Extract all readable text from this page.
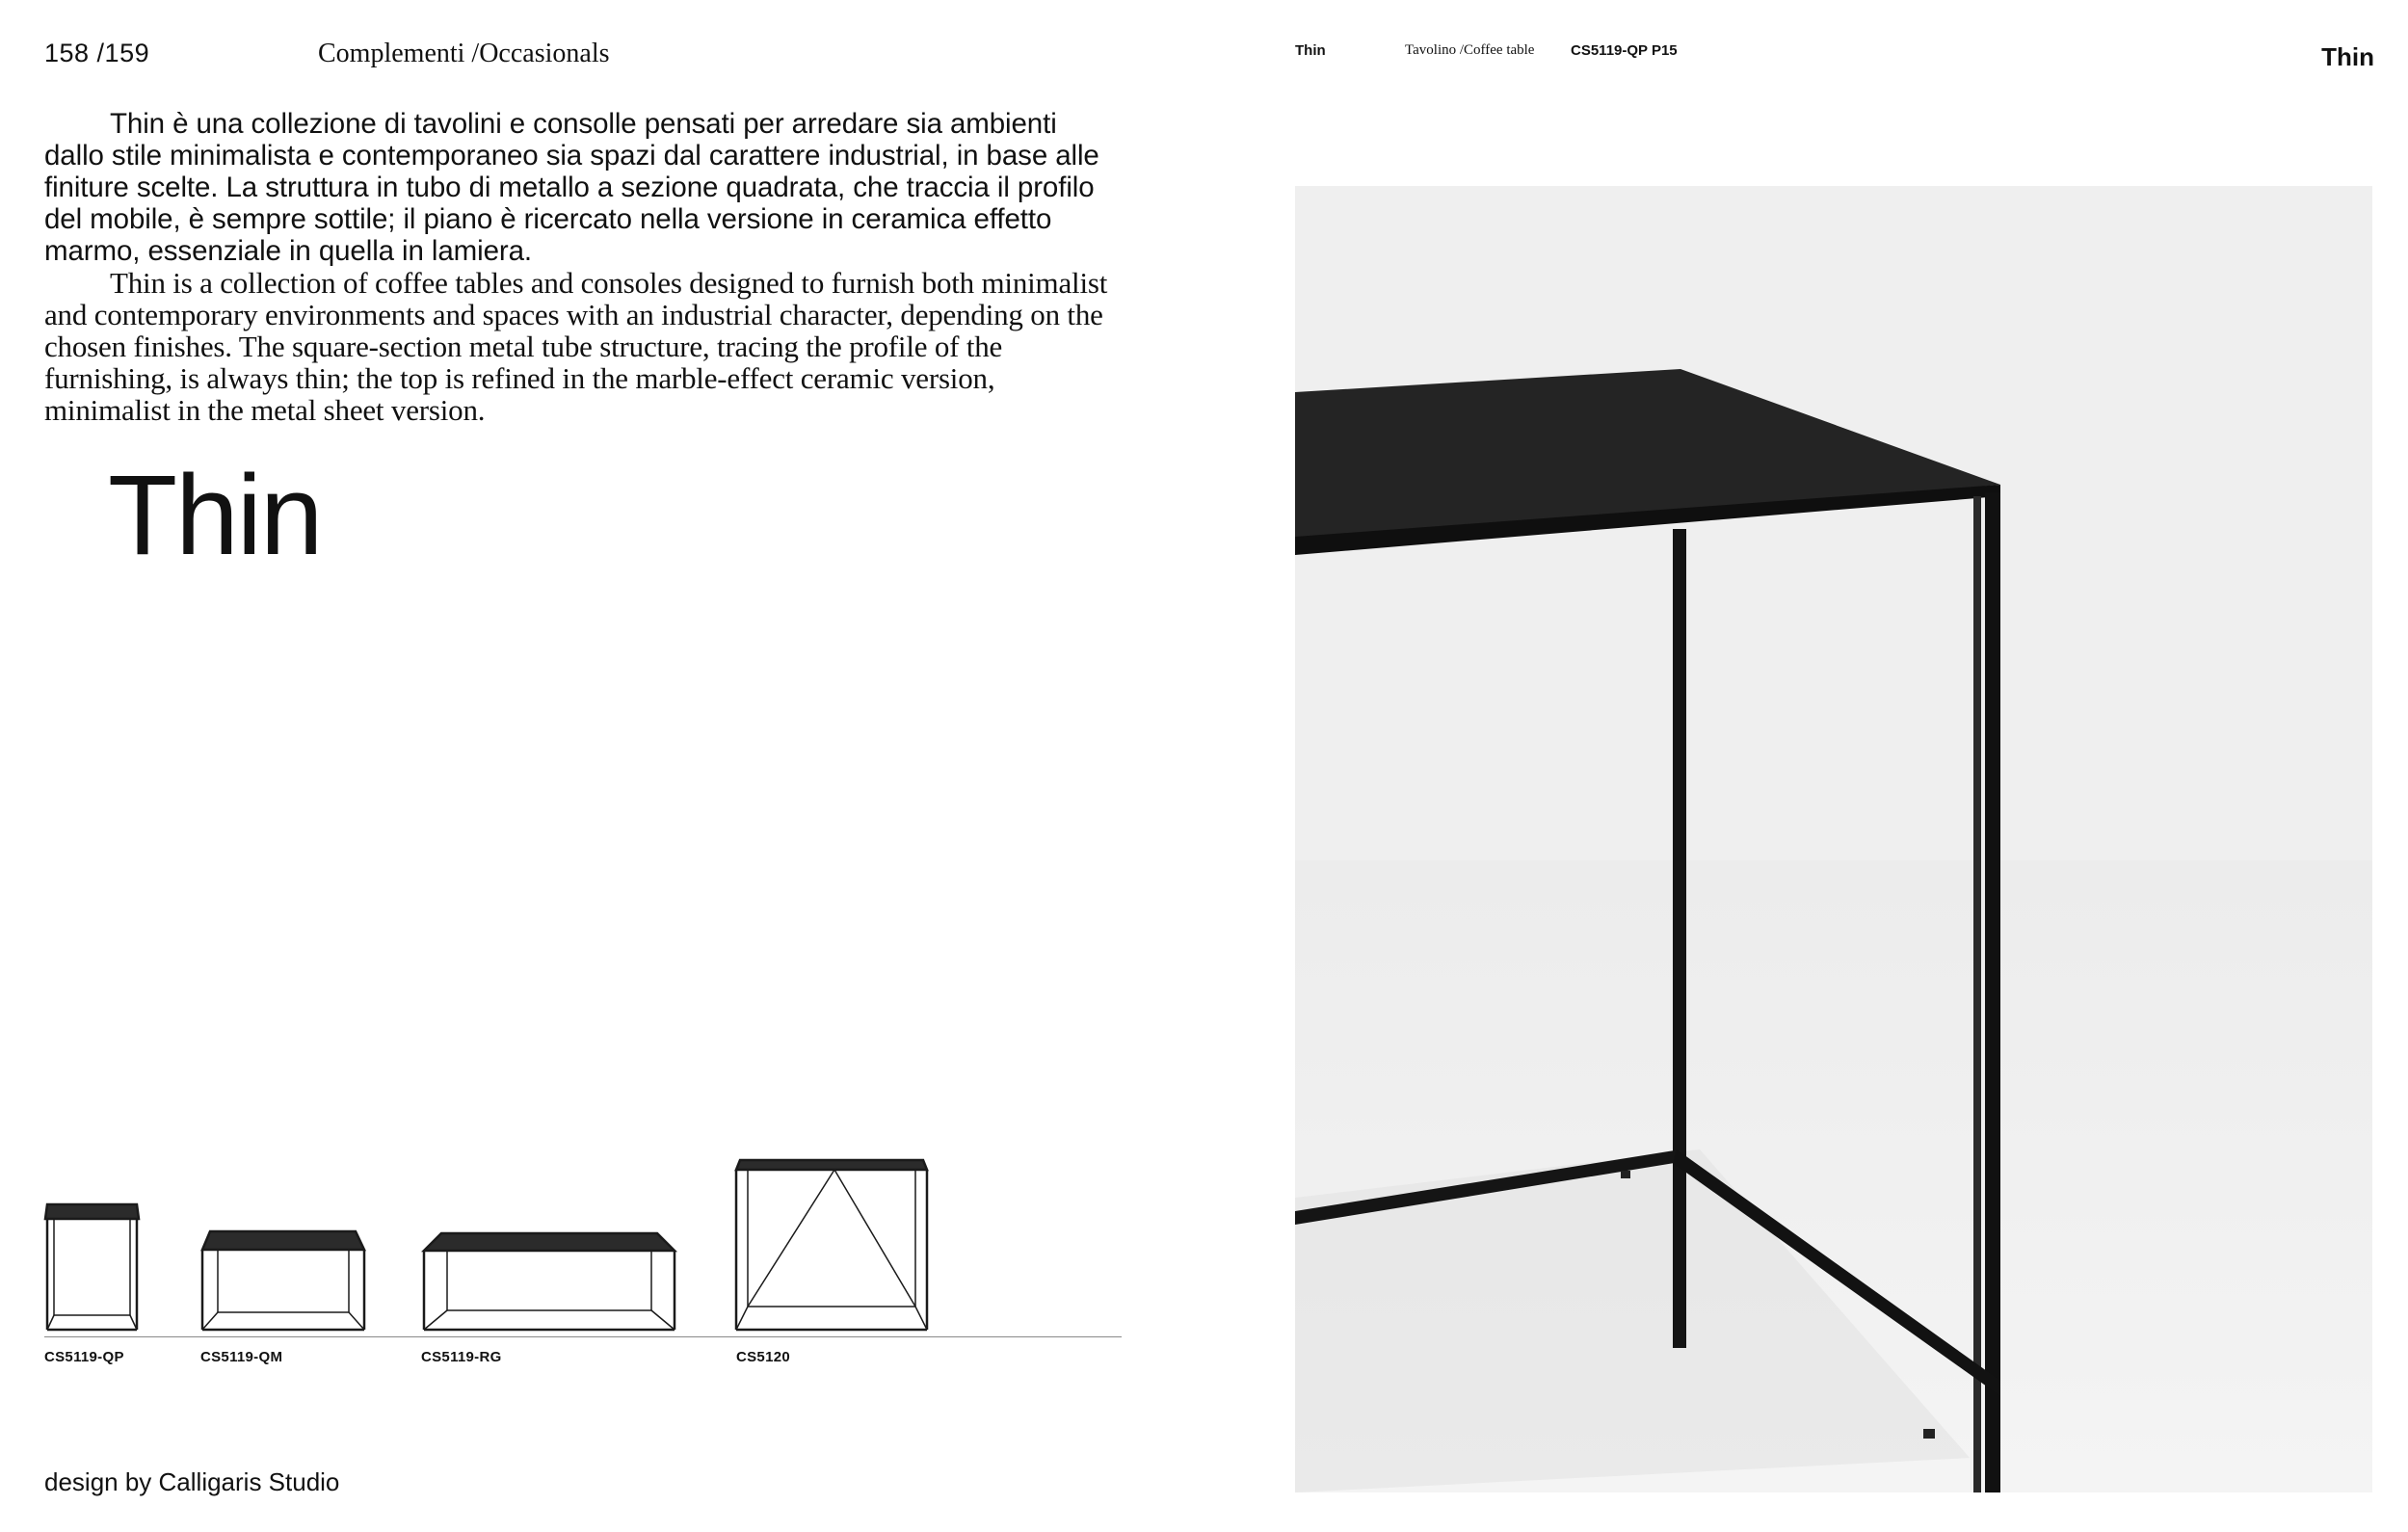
158 /159	Complementi /Occasionals

Thin è una collezione di tavolini e consolle pensati per arredare sia ambienti dallo stile minimalista e contemporaneo sia spazi dal carattere industrial, in base alle finiture scelte. La struttura in tubo di metallo a sezione quadrata, che traccia il profilo del mobile, è sempre sottile; il piano è ricercato nella versione in ceramica effetto marmo, essenziale in quella in lamiera.

Thin is a collection of coffee tables and consoles designed to furnish both minimalist and contemporary environments and spaces with an industrial character, depending on the chosen finishes. The square-section metal tube structure, tracing the profile of the furnishing, is always thin; the top is refined in the marble-effect ceramic version, minimalist in the metal sheet version.

Thin
CS5119-QP	CS5119-QM	CS5119-RG	CS5120
design by Calligaris Studio
Thin	Tavolino /Coffee table	CS5119-QP P15	Thin
